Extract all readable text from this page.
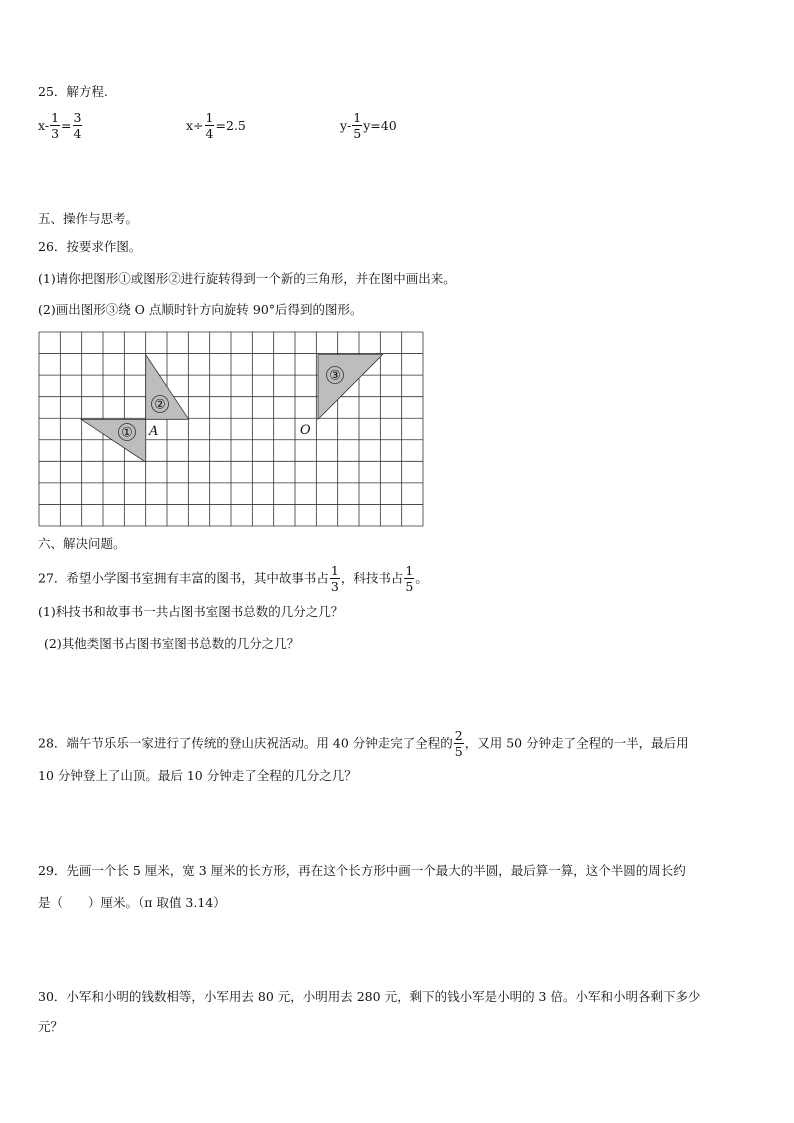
25．解方程.
$x- \frac{1}{3} = \frac{3}{4}$	$x\div \frac{1}{4} =2.5$	$y- \frac{1}{5} y=40$
五、操作与思考。
26．按要求作图。
(1)请你把图形①或图形②进行旋转得到一个新的三角形，并在图中画出来。
(2)画出图形③绕 O 点顺时针方向旋转 90°后得到的图形。
①
②
③
A	O
六、解决问题。
27．希望小学图书室拥有丰富的图书，其中故事书占 $\frac{1}{3}$ ，科技书占 $\frac{1}{5}$ 。
(1)科技书和故事书一共占图书室图书总数的几分之几？
(2)其他类图书占图书室图书总数的几分之几？
28．端午节乐乐一家进行了传统的登山庆祝活动。用 40 分钟走完了全程的 $\frac{2}{5}$ ，又用 50 分钟走了全程的一半，最后用
10 分钟登上了山顶。最后 10 分钟走了全程的几分之几？
29．先画一个长 5 厘米，宽 3 厘米的长方形，再在这个长方形中画一个最大的半圆，最后算一算，这个半圆的周长约
是（　　）厘米。（π 取值 3.14）
30．小军和小明的钱数相等，小军用去 80 元，小明用去 280 元，剩下的钱小军是小明的 3 倍。小军和小明各剩下多少
元？
